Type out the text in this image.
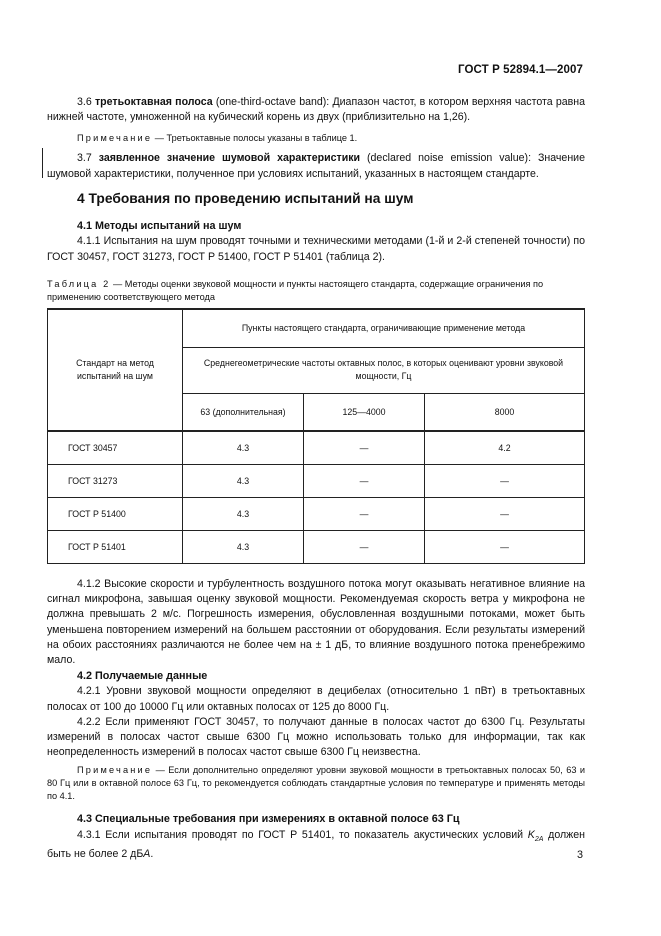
ГОСТ Р 52894.1—2007

3.6 третьоктавная полоса (one-third-octave band): Диапазон частот, в котором верхняя частота равна нижней частоте, умноженной на кубический корень из двух (приблизительно на 1,26).

Примечание — Третьоктавные полосы указаны в таблице 1.

3.7 заявленное значение шумовой характеристики (declared noise emission value): Значение шумовой характеристики, полученное при условиях испытаний, указанных в настоящем стандарте.

4 Требования по проведению испытаний на шум

4.1 Методы испытаний на шум

4.1.1 Испытания на шум проводят точными и техническими методами (1-й и 2-й степеней точности) по ГОСТ 30457, ГОСТ 31273, ГОСТ Р 51400, ГОСТ Р 51401 (таблица 2).

Таблица 2 — Методы оценки звуковой мощности и пункты настоящего стандарта, содержащие ограничения по применению соответствующего метода
Стандарт на метод испытаний на шум	Пункты настоящего стандарта, ограничивающие применение метода		
	Среднегеометрические частоты октавных полос, в которых оценивают уровни звуковой мощности, Гц		
	63 (дополнительная)	125—4000	8000
ГОСТ 30457	4.3	—	4.2
ГОСТ 31273	4.3	—	—
ГОСТ Р 51400	4.3	—	—
ГОСТ Р 51401	4.3	—	—

4.1.2 Высокие скорости и турбулентность воздушного потока могут оказывать негативное влияние на сигнал микрофона, завышая оценку звуковой мощности. Рекомендуемая скорость ветра у микрофона не должна превышать 2 м/с. Погрешность измерения, обусловленная воздушными потоками, может быть уменьшена повторением измерений на большем расстоянии от оборудования. Если результаты измерений на обоих расстояниях различаются не более чем на ± 1 дБ, то влияние воздушного потока пренебрежимо мало.

4.2 Получаемые данные

4.2.1 Уровни звуковой мощности определяют в децибелах (относительно 1 пВт) в третьоктавных полосах от 100 до 10000 Гц или октавных полосах от 125 до 8000 Гц.

4.2.2 Если применяют ГОСТ 30457, то получают данные в полосах частот до 6300 Гц. Результаты измерений в полосах частот свыше 6300 Гц можно использовать только для информации, так как неопределенность измерений в полосах частот свыше 6300 Гц неизвестна.

Примечание — Если дополнительно определяют уровни звуковой мощности в третьоктавных полосах 50, 63 и 80 Гц или в октавной полосе 63 Гц, то рекомендуется соблюдать стандартные условия по температуре и применять методы по 4.1.

4.3 Специальные требования при измерениях в октавной полосе 63 Гц

4.3.1 Если испытания проводят по ГОСТ Р 51401, то показатель акустических условий $K_{2A}$ должен быть не более 2 дБA.	3
